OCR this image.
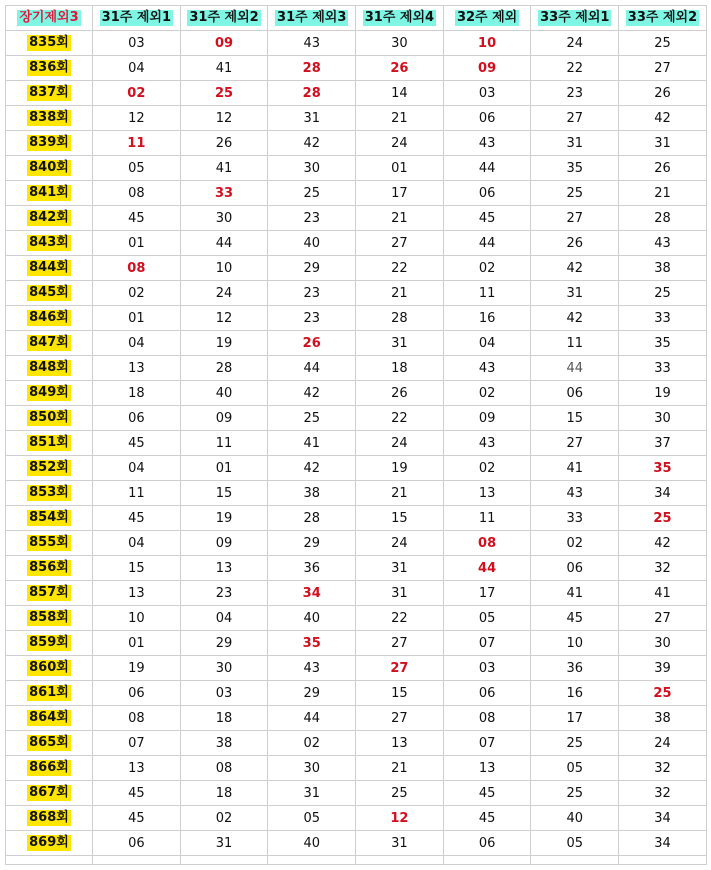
장기제외3	31주 제외1	31주 제외2	31주 제외3	31주 제외4	32주 제외	33주 제외1	33주 제외2
835회	03	09	43	30	10	24	25
836회	04	41	28	26	09	22	27
837회	02	25	28	14	03	23	26
838회	12	12	31	21	06	27	42
839회	11	26	42	24	43	31	31
840회	05	41	30	01	44	35	26
841회	08	33	25	17	06	25	21
842회	45	30	23	21	45	27	28
843회	01	44	40	27	44	26	43
844회	08	10	29	22	02	42	38
845회	02	24	23	21	11	31	25
846회	01	12	23	28	16	42	33
847회	04	19	26	31	04	11	35
848회	13	28	44	18	43	44	33
849회	18	40	42	26	02	06	19
850회	06	09	25	22	09	15	30
851회	45	11	41	24	43	27	37
852회	04	01	42	19	02	41	35
853회	11	15	38	21	13	43	34
854회	45	19	28	15	11	33	25
855회	04	09	29	24	08	02	42
856회	15	13	36	31	44	06	32
857회	13	23	34	31	17	41	41
858회	10	04	40	22	05	45	27
859회	01	29	35	27	07	10	30
860회	19	30	43	27	03	36	39
861회	06	03	29	15	06	16	25
864회	08	18	44	27	08	17	38
865회	07	38	02	13	07	25	24
866회	13	08	30	21	13	05	32
867회	45	18	31	25	45	25	32
868회	45	02	05	12	45	40	34
869회	06	31	40	31	06	05	34
